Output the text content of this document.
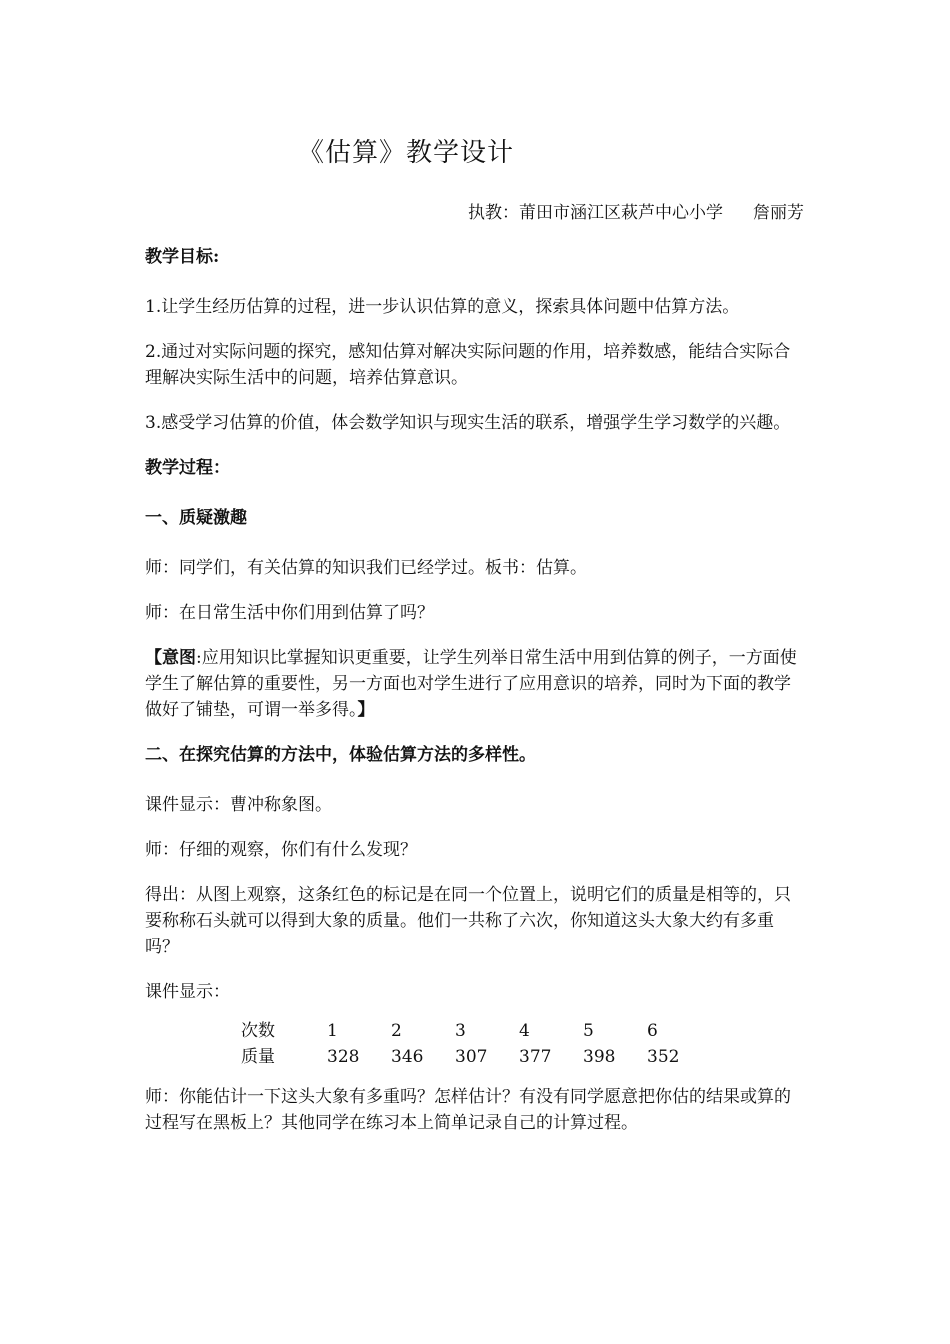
《估算》教学设计
执教：莆田市涵江区萩芦中心小学 詹丽芳

教学目标:

1.让学生经历估算的过程，进一步认识估算的意义，探索具体问题中估算方法。

2.通过对实际问题的探究，感知估算对解决实际问题的作用，培养数感，能结合实际合理解决实际生活中的问题，培养估算意识。

3.感受学习估算的价值，体会数学知识与现实生活的联系，增强学生学习数学的兴趣。

教学过程：

一、质疑激趣

师：同学们，有关估算的知识我们已经学过。板书：估算。

师：在日常生活中你们用到估算了吗？

【意图:应用知识比掌握知识更重要，让学生列举日常生活中用到估算的例子，一方面使学生了解估算的重要性，另一方面也对学生进行了应用意识的培养，同时为下面的教学做好了铺垫，可谓一举多得。】

二、在探究估算的方法中，体验估算方法的多样性。

课件显示：曹冲称象图。

师：仔细的观察，你们有什么发现？

得出：从图上观察，这条红色的标记是在同一个位置上，说明它们的质量是相等的，只要称称石头就可以得到大象的质量。他们一共称了六次，你知道这头大象大约有多重吗？

课件显示：

次数	1	2	3	4	5	6
质量	328	346	307	377	398	352

师：你能估计一下这头大象有多重吗？怎样估计？有没有同学愿意把你估的结果或算的过程写在黑板上？其他同学在练习本上简单记录自己的计算过程。
